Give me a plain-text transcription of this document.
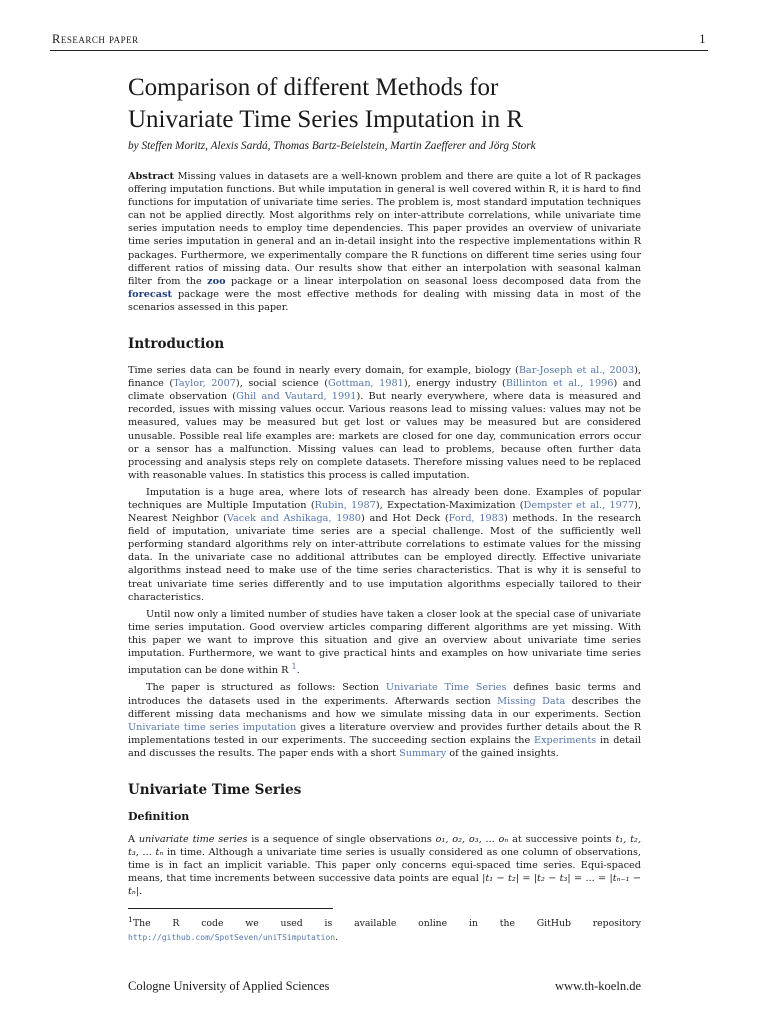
Research paper	1
Comparison of different Methods for
Univariate Time Series Imputation in R
by Steffen Moritz, Alexis Sardá, Thomas Bartz-Beielstein, Martin Zaefferer and Jörg Stork

Abstract Missing values in datasets are a well-known problem and there are quite a lot of R packages offering imputation functions. But while imputation in general is well covered within R, it is hard to find functions for imputation of univariate time series. The problem is, most standard imputation techniques can not be applied directly. Most algorithms rely on inter-attribute correlations, while univariate time series imputation needs to employ time dependencies. This paper provides an overview of univariate time series imputation in general and an in-detail insight into the respective implementations within R packages. Furthermore, we experimentally compare the R functions on different time series using four different ratios of missing data. Our results show that either an interpolation with seasonal kalman filter from the zoo package or a linear interpolation on seasonal loess decomposed data from the forecast package were the most effective methods for dealing with missing data in most of the scenarios assessed in this paper.

Introduction

Time series data can be found in nearly every domain, for example, biology (Bar-Joseph et al., 2003), finance (Taylor, 2007), social science (Gottman, 1981), energy industry (Billinton et al., 1996) and climate observation (Ghil and Vautard, 1991). But nearly everywhere, where data is measured and recorded, issues with missing values occur. Various reasons lead to missing values: values may not be measured, values may be measured but get lost or values may be measured but are considered unusable. Possible real life examples are: markets are closed for one day, communication errors occur or a sensor has a malfunction. Missing values can lead to problems, because often further data processing and analysis steps rely on complete datasets. Therefore missing values need to be replaced with reasonable values. In statistics this process is called imputation.

Imputation is a huge area, where lots of research has already been done. Examples of popular techniques are Multiple Imputation (Rubin, 1987), Expectation-Maximization (Dempster et al., 1977), Nearest Neighbor (Vacek and Ashikaga, 1980) and Hot Deck (Ford, 1983) methods. In the research field of imputation, univariate time series are a special challenge. Most of the sufficiently well performing standard algorithms rely on inter-attribute correlations to estimate values for the missing data. In the univariate case no additional attributes can be employed directly. Effective univariate algorithms instead need to make use of the time series characteristics. That is why it is senseful to treat univariate time series differently and to use imputation algorithms especially tailored to their characteristics.

Until now only a limited number of studies have taken a closer look at the special case of univariate time series imputation. Good overview articles comparing different algorithms are yet missing. With this paper we want to improve this situation and give an overview about univariate time series imputation. Furthermore, we want to give practical hints and examples on how univariate time series imputation can be done within R $^1$.

The paper is structured as follows: Section Univariate Time Series defines basic terms and introduces the datasets used in the experiments. Afterwards section Missing Data describes the different missing data mechanisms and how we simulate missing data in our experiments. Section Univariate time series imputation gives a literature overview and provides further details about the R implementations tested in our experiments. The succeeding section explains the Experiments in detail and discusses the results. The paper ends with a short Summary of the gained insights.

Univariate Time Series
Definition

A univariate time series is a sequence of single observations o₁, o₂, o₃, ... oₙ at successive points t₁, t₂, t₃, ... tₙ in time. Although a univariate time series is usually considered as one column of observations, time is in fact an implicit variable. This paper only concerns equi-spaced time series. Equi-spaced means, that time increments between successive data points are equal |t₁ − t₂| = |t₂ − t₃| = ... = |tₙ₋₁ − tₙ|.

$^1$The R code we used is available online in the GitHub repository http://github.com/SpotSeven/uniTSimputation.
Cologne University of Applied Sciences	www.th-koeln.de
